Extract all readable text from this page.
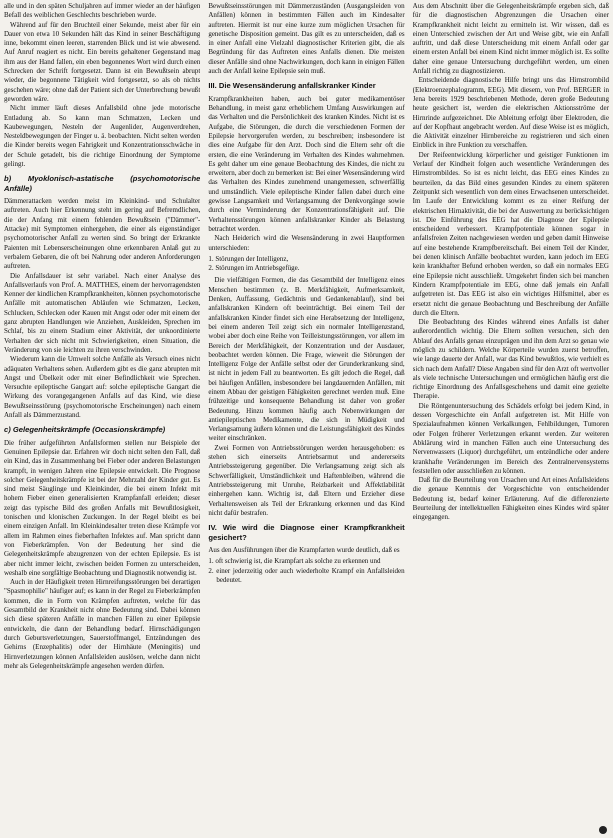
alle und in den späten Schuljahren auf immer wieder an der häufigen Befall des weiblichen Geschlechts beschrieben wurde.

Während auf für den Bruchteil einer Sekunde, meist aber für ein Dauer von etwa 10 Sekunden hält das Kind in seiner Beschäftigung inne, bekommt einen leeren, starrenden Blick und ist wie abwesend. Auf Anruf reagiert es nicht. Ein bereits gehaltener Gegenstand mag ihm aus der Hand fallen, ein eben begonnenes Wort wird durch einen Schrecken der Schrift fortgesetzt. Dann ist ein Bewußtsein abrupt wieder, die begonnene Tätigkeit wird fortgesetzt, so als ob nichts geschehen wäre; ohne daß der Patient sich der Unterbrechung bewußt geworden wäre.

Nicht immer läuft dieses Anfallsbild ohne jede motorische Entladung ab. So kann man Schmatzen, Lecken und Kaubewegungen, Nesteln der Augenlider, Augenverdrehen, Nesteldbewegungen der Finger u. ä. beobachten. Nicht selten werden die Kinder bereits wegen Fahrigkeit und Konzentrationsschwäche in der Schule getadelt, bis die richtige Einordnung der Symptome gelingt.

b) Myoklonisch-astatische (psychomotorische Anfälle)

Dämmerattacken werden meist im Kleinkind- und Schulalter auftreten. Auch hier Erkennung steht im gering auf Befremdlichen, die der Anfang mit einem fehlenden Bewußtsein ("Dämmer"-Attacke) mit Symptomen einhergehen, die einer als eigenständiger psychomotorischer Anfall zu werten sind. So bringt der Erkrankte Paienten mit Lebenserscheinungen ohne erkennbaren Anlaß gut zu verbalem Gebaren, die oft bei Nahrung oder anderen Anforderungen auftreten.

Die Anfallsdauer ist sehr variabel. Nach einer Analyse des Anfallsverlaufs von Prof. A. MATTHES, einem der hervorragendsten Kenner der kindlichen Krampfkrankheiten, können psychomotorische Anfälle mit automatischen Abläufen wie Schmatzen, Lecken, Schlucken, Schlecken oder Kauen mit Angst oder oder mit einem der ganz abrupten Handlungen wie Anziehen, Auskleiden, Sprechen im Schlaf, bis zu einem Stadium einer Aktivität, der unkoordinierte Verhalten der sich nicht mit Schwierigkeiten, einen Situation, die Veränderung von sie leichten zu ihren verschwinden.

Wiederum kann die Umwelt solche Anfälle als Versuch eines nicht adäquaten Verhaltens sehen. Außerdem gibt es die ganz abrupten mit Angst und Übelkeit oder mit einer Befindlichkeit wie Sprechen. Versuchte epileptische Gangart auf: solche epileptische Gangart die Wirkung des vorangegangenen Anfalls auf das Kind, wie diese Bewußtseinsstörung (psychomotorische Erscheinungen) nach einem Anfall als Dämmerzustand.

c) Gelegenheitskrämpfe (Occasionskrämpfe)

Die früher aufgeführten Anfallsformen stellen nur Beispiele der Genuinen Epilepsie dar. Erfahren wir doch nicht selten den Fall, daß ein Kind, das in Zusammenhang bei Fieber oder anderen Belastungen krampft, in wenigen Jahren eine Epilepsie entwickelt. Die Prognose solcher Gelegenheitskrämpfe ist bei der Mehrzahl der Kinder gut. Es sind meist Säuglinge und Kleinkinder, die bei einem Infekt mit hohem Fieber einen generalisierten Krampfanfall erleiden; dieser zeigt das typische Bild des großen Anfalls mit Bewußtlosigkeit, tonischen und klonischen Zuckungen. In der Regel bleibt es bei einem einzigen Anfall. Im Kleinkindesalter treten diese Krämpfe vor allem im Rahmen eines fieberhaften Infektes auf. Man spricht dann von Fieberkrämpfen. Von der Bedeutung her sind die Gelegenheitskrämpfe abzugrenzen von der echten Epilepsie. Es ist aber nicht immer leicht, zwischen beiden Formen zu unterscheiden, weshalb eine sorgfältige Beobachtung und Diagnostik notwendig ist.

Auch in der Häufigkeit treten Hirnreifungsstörungen bei derartigen "Spasmophilie" häufiger auf; es kann in der Regel zu Fieberkrämpfen kommen, die in Form von Krämpfen auftreten, welche für das Gesamtbild der Krankheit nicht ohne Bedeutung sind. Dabei können sich diese späteren Anfälle in manchen Fällen zu einer Epilepsie entwickeln, die dann der Behandlung bedarf. Hirnschädigungen durch Geburtsverletzungen, Sauerstoffmangel, Entzündungen des Gehirns (Enzephalitis) oder der Hirnhäute (Meningitis) und Hirnverletzungen können Anfallsleiden auslösen, welche dann nicht mehr als Gelegenheitskrämpfe angesehen werden dürfen.

Bewußtseinsstörungen mit Dämmerzuständen (Ausgangsleiden von Anfällen) können in bestimmten Fällen auch im Kindesalter auftreten. Hiermit ist nur eine kurze zum möglichen Ursachen für genetische Disposition gemeint. Das gilt es zu unterscheiden, daß es in einer Anfall eine Vielzahl diagnostischer Kriterien gibt, die als Begründung für das Auftreten eines Anfalls dienen. Die meisten dieser Anfälle sind ohne Nachwirkungen, doch kann in einigen Fällen auch der Anfall keine Epilepsie sein muß.

III. Die Wesensänderung anfallskranker Kinder

Krampfkrankheiten haben, auch bei guter medikamentöser Behandlung, in meist ganz erheblichem Umfang Auswirkungen auf das Verhalten und die Persönlichkeit des kranken Kindes. Nicht ist es Aufgabe, die Störungen, die durch die verschiedenen Formen der Epilepsie hervorgerufen werden, zu beschreiben; insbesondere ist dies eine Aufgabe für den Arzt. Doch sind die Eltern sehr oft die ersten, die eine Veränderung im Verhalten des Kindes wahrnehmen. Es geht daher um eine genaue Beobachtung des Kindes, die nicht zu erweitern, aber doch zu bemerken ist: Bei einer Wesensänderung wird das Verhalten des Kindes zunehmend unangemessen, schwerfällig und umständlich. Viele epileptische Kinder fallen dabei durch eine gewisse Langsamkeit und Verlangsamung der Denkvorgänge sowie durch eine Verminderung der Konzentrationsfähigkeit auf. Die Verhaltensstörungen können anfallskranker Kinder als Belastung betrachtet werden.

Nach Heiderich wird die Wesensänderung in zwei Hauptformen unterschieden:

1. Störungen der Intelligenz,
2. Störungen im Antriebsgefüge.

Die vielfältigen Formen, die das Gesamtbild der Intelligenz eines Menschen bestimmen (z. B. Merkfähigkeit, Aufmerksamkeit, Denken, Auffassung, Gedächtnis und Gedankenablauf), sind bei anfallskranken Kindern oft beeinträchtigt. Bei einem Teil der anfallskranken Kinder findet sich eine Herabsetzung der Intelligenz, bei einem anderen Teil zeigt sich ein normaler Intelligenzstand, wobei aber doch eine Reihe von Teilleistungsstörungen, vor allem im Bereich der Merkfähigkeit, der Konzentration und der Ausdauer, beobachtet werden können. Die Frage, wieweit die Störungen der Intelligenz Folge der Anfälle selbst oder der Grunderkrankung sind, ist nicht in jedem Fall zu beantworten. Es gilt jedoch die Regel, daß bei häufigen Anfällen, insbesondere bei langdauernden Anfällen, mit einem Abbau der geistigen Fähigkeiten gerechnet werden muß. Eine frühzeitige und konsequente Behandlung ist daher von großer Bedeutung. Hinzu kommen häufig auch Nebenwirkungen der antiepileptischen Medikamente, die sich in Müdigkeit und Verlangsamung äußern können und die Leistungsfähigkeit des Kindes weiter einschränken.

Zwei Formen von Antriebsstörungen werden herausgehoben: es stehen sich einerseits Antriebsarmut und andererseits Antriebssteigerung gegenüber. Die Verlangsamung zeigt sich als Schwerfälligkeit, Umständlichkeit und Haftenbleiben, während die Antriebssteigerung mit Unruhe, Reizbarkeit und Affektlabilität einhergehen kann. Wichtig ist, daß Eltern und Erzieher diese Verhaltensweisen als Teil der Erkrankung erkennen und das Kind nicht dafür bestrafen.

IV. Wie wird die Diagnose einer Krampfkrankheit gesichert?

Aus den Ausführungen über die Krampfarten wurde deutlich, daß es

1. oft schwierig ist, die Krampfart als solche zu erkennen und
2. einer jederzeitig oder auch wiederholte Krampf ein Anfallsleiden bedeutet.

Aus dem Abschnitt über die Gelegenheitskrämpfe ergeben sich, daß für die diagnostischen Abgrenzungen die Ursachen einer Krampfkrankheit nicht leicht zu ermitteln ist. Wir wissen, daß es einen Unterschied zwischen der Art und Weise gibt, wie ein Anfall auftritt, und daß diese Unterscheidung mit einem Anfall oder gar einem ersten Anfall bei einem Kind nicht immer möglich ist. Es sollte daher eine genaue Untersuchung durchgeführt werden, um einen Anfall richtig zu diagnostizieren.

Entscheidende diagnostische Hilfe bringt uns das Hirnstrombild (Elektroenzephalogramm, EEG). Mit diesem, von Prof. BERGER in Jena bereits 1929 beschriebenen Methode, deren große Bedeutung heute gesichert ist, werden die elektrischen Aktionsströme der Hirnrinde aufgezeichnet. Die Ableitung erfolgt über Elektroden, die auf der Kopfhaut angebracht werden. Auf diese Weise ist es möglich, die Aktivität einzelner Hirnbereiche zu registrieren und sich einen Einblick in ihre Funktion zu verschaffen.

Der Reifeentwicklung körperlicher und geistiger Funktionen im Verlauf der Kindheit folgen auch wesentliche Veränderungen des Hirnstrombildes. So ist es nicht leicht, das EEG eines Kindes zu beurteilen, da das Bild eines gesunden Kindes zu einem späteren Zeitpunkt sich wesentlich von dem eines Erwachsenen unterscheidet. Im Laufe der Entwicklung kommt es zu einer Reifung der elektrischen Hirnaktivität, die bei der Auswertung zu berücksichtigen ist. Die Einführung des EEG hat die Diagnose der Epilepsie entscheidend verbessert. Krampfpotentiale können sogar in anfallsfreien Zeiten nachgewiesen werden und geben damit Hinweise auf eine bestehende Krampfbereitschaft. Bei einem Teil der Kinder, bei denen klinisch Anfälle beobachtet wurden, kann jedoch im EEG kein krankhafter Befund erhoben werden, so daß ein normales EEG eine Epilepsie nicht ausschließt. Umgekehrt finden sich bei manchen Kindern Krampfpotentiale im EEG, ohne daß jemals ein Anfall aufgetreten ist. Das EEG ist also ein wichtiges Hilfsmittel, aber es ersetzt nicht die genaue Beobachtung und Beschreibung der Anfälle durch die Eltern.

Die Beobachtung des Kindes während eines Anfalls ist daher außerordentlich wichtig. Die Eltern sollten versuchen, sich den Ablauf des Anfalls genau einzuprägen und ihn dem Arzt so genau wie möglich zu schildern. Welche Körperteile wurden zuerst betroffen, wie lange dauerte der Anfall, war das Kind bewußtlos, wie verhielt es sich nach dem Anfall? Diese Angaben sind für den Arzt oft wertvoller als viele technische Untersuchungen und ermöglichen häufig erst die richtige Einordnung des Anfallsgeschehens und damit eine gezielte Therapie.

Die Röntgenuntersuchung des Schädels erfolgt bei jedem Kind, in dessen Vorgeschichte ein Anfall aufgetreten ist. Mit Hilfe von Spezialaufnahmen können Verkalkungen, Fehlbildungen, Tumoren oder Folgen früherer Verletzungen erkannt werden. Zur weiteren Abklärung wird in manchen Fällen auch eine Untersuchung des Nervenwassers (Liquor) durchgeführt, um entzündliche oder andere krankhafte Veränderungen im Bereich des Zentralnervensystems feststellen oder ausschließen zu können.

Daß für die Beurteilung von Ursachen und Art eines Anfallsleidens die genaue Kenntnis der Vorgeschichte von entscheidender Bedeutung ist, bedarf keiner Erläuterung. Auf die differenzierte Beurteilung der intellektuellen Fähigkeiten eines Kindes wird später eingegangen.
